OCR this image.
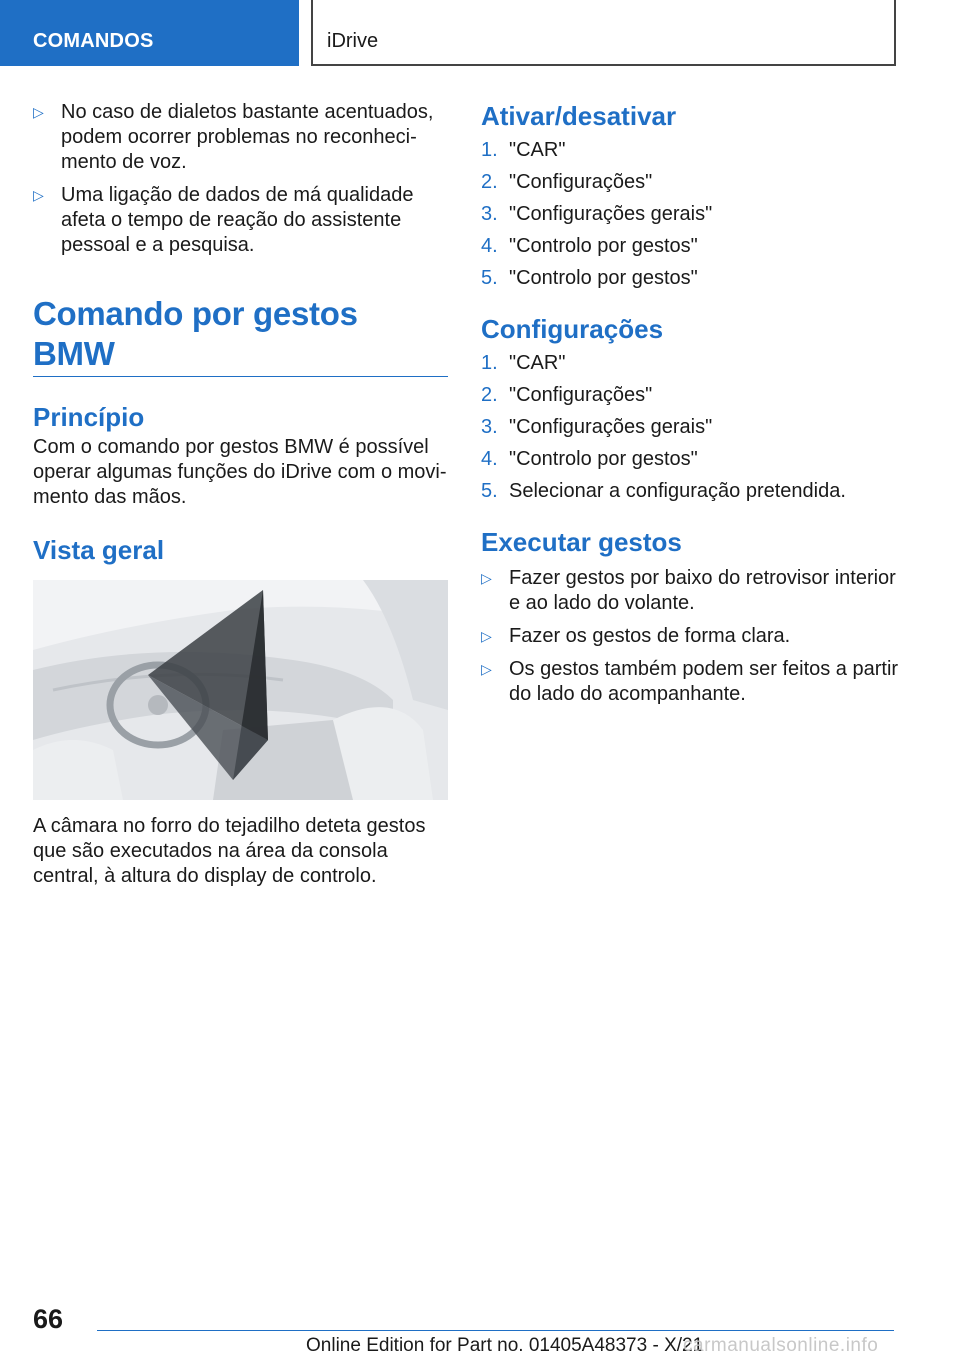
COMANDOS	iDrive
▷ No caso de dialetos bastante acentuados, podem ocorrer problemas no reconhecimento de voz.
▷ Uma ligação de dados de má qualidade afeta o tempo de reação do assistente pessoal e a pesquisa.
Comando por gestos BMW
Princípio
Com o comando por gestos BMW é possível operar algumas funções do iDrive com o movimento das mãos.
Vista geral
A câmara no forro do tejadilho deteta gestos que são executados na área da consola central, à altura do display de controlo.
Ativar/desativar
1. "CAR"
2. "Configurações"
3. "Configurações gerais"
4. "Controlo por gestos"
5. "Controlo por gestos"
Configurações
1. "CAR"
2. "Configurações"
3. "Configurações gerais"
4. "Controlo por gestos"
5. Selecionar a configuração pretendida.
Executar gestos
▷ Fazer gestos por baixo do retrovisor interior e ao lado do volante.
▷ Fazer os gestos de forma clara.
▷ Os gestos também podem ser feitos a partir do lado do acompanhante.
66
Online Edition for Part no. 01405A48373 - X/21
carmanualsonline.info
